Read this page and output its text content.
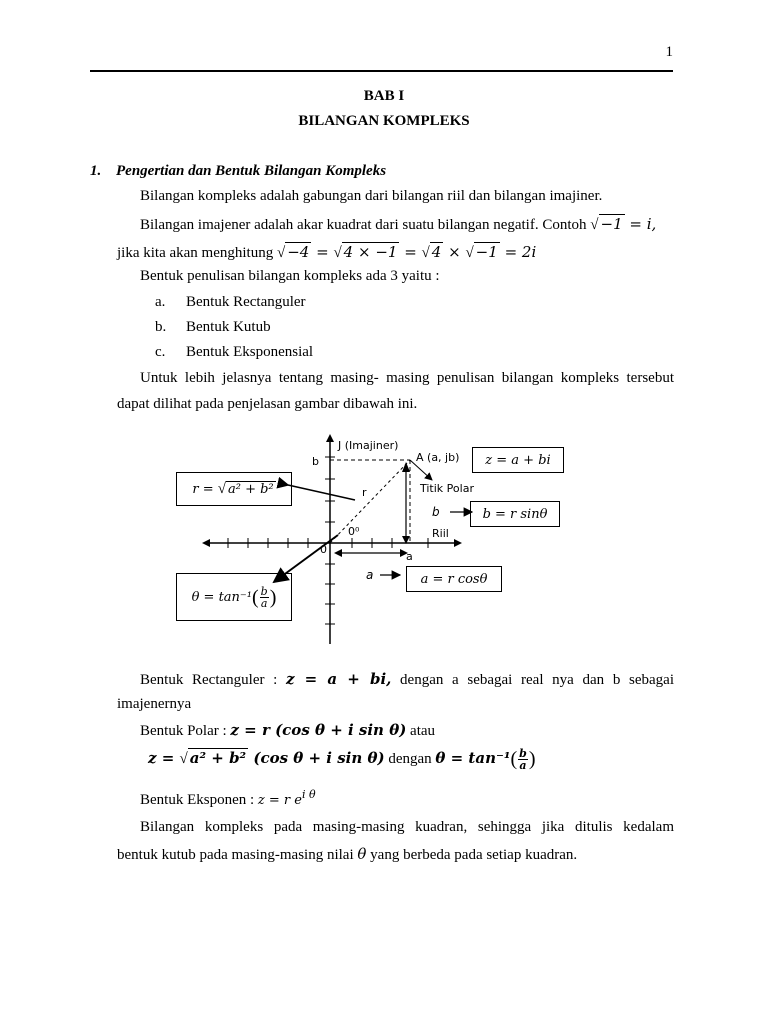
1
BAB I
BILANGAN KOMPLEKS
1. Pengertian dan Bentuk Bilangan Kompleks
Bilangan kompleks adalah gabungan dari bilangan riil dan bilangan imajiner.
Bilangan imajener adalah akar kuadrat dari suatu bilangan negatif. Contoh √ −1 = i,
jika kita akan menghitung √ −4 = √ 4 × −1 = √ 4 × √ −1 = 2i
Bentuk penulisan bilangan kompleks ada 3 yaitu :
a. Bentuk Rectanguler
b. Bentuk Kutub
c. Bentuk Eksponensial
Untuk lebih jelasnya tentang masing- masing penulisan bilangan kompleks tersebut
dapat dilihat pada penjelasan gambar dibawah ini.
J (Imajiner)
b	A (a, jb)
r	Titik Polar
0⁰
0
a
Riil
b
a
z = a + bi
r = √ a² + b²
b = r sinθ
$\theta = \tan^{-1}( \frac{b}{a}$ )
a = r cosθ
Bentuk Rectanguler : z = a + bi, dengan a sebagai real nya dan b sebagai
imajenernya
Bentuk Polar : z = r (cos θ + i sin θ) atau
z = √ a² + b² (cos θ + i sin θ) dengan $\theta = \tan^{-1}( \frac{b}{a}$ )
Bentuk Eksponen : z = r $e^{i \theta}$
Bilangan kompleks pada masing-masing kuadran, sehingga jika ditulis kedalam
bentuk kutub pada masing-masing nilai θ yang berbeda pada setiap kuadran.
